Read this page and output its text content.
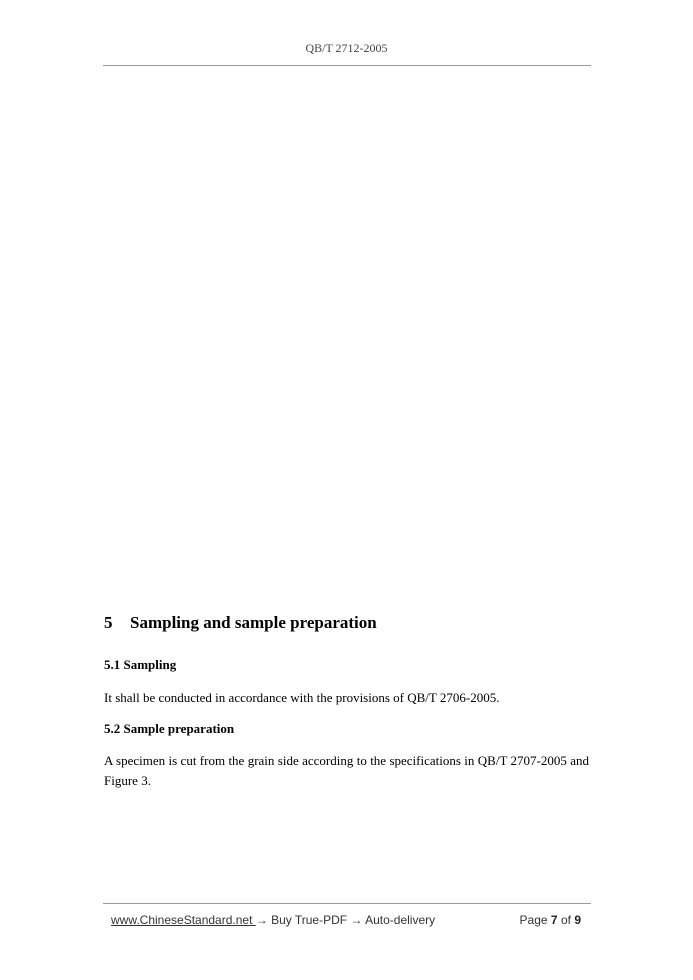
QB/T 2712-2005
5 Sampling and sample preparation
5.1 Sampling
It shall be conducted in accordance with the provisions of QB/T 2706-2005.
5.2 Sample preparation
A specimen is cut from the grain side according to the specifications in QB/T 2707-2005 and Figure 3.
www.ChineseStandard.net → Buy True-PDF → Auto-delivery	Page 7 of 9
